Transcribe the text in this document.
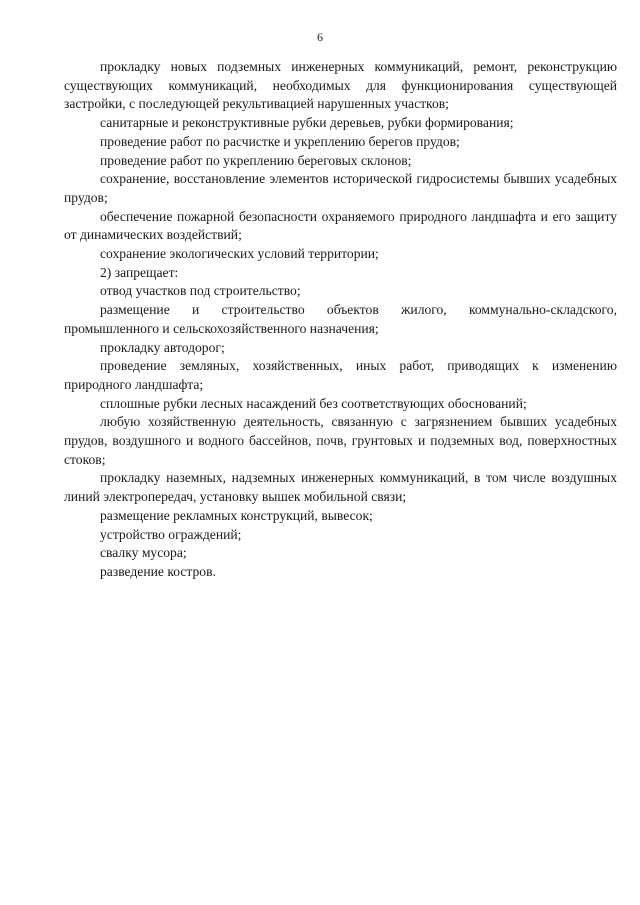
6

прокладку новых подземных инженерных коммуникаций, ремонт, реконструкцию существующих коммуникаций, необходимых для функционирования существующей застройки, с последующей рекультивацией нарушенных участков;

санитарные и реконструктивные рубки деревьев, рубки формирования;

проведение работ по расчистке и укреплению берегов прудов;

проведение работ по укреплению береговых склонов;

сохранение, восстановление элементов исторической гидросистемы бывших усадебных прудов;

обеспечение пожарной безопасности охраняемого природного ландшафта и его защиту от динамических воздействий;

сохранение экологических условий территории;

2) запрещает:

отвод участков под строительство;

размещение и строительство объектов жилого, коммунально-складского, промышленного и сельскохозяйственного назначения;

прокладку автодорог;

проведение земляных, хозяйственных, иных работ, приводящих к изменению природного ландшафта;

сплошные рубки лесных насаждений без соответствующих обоснований;

любую хозяйственную деятельность, связанную с загрязнением бывших усадебных прудов, воздушного и водного бассейнов, почв, грунтовых и подземных вод, поверхностных стоков;

прокладку наземных, надземных инженерных коммуникаций, в том числе воздушных линий электропередач, установку вышек мобильной связи;

размещение рекламных конструкций, вывесок;

устройство ограждений;

свалку мусора;

разведение костров.
